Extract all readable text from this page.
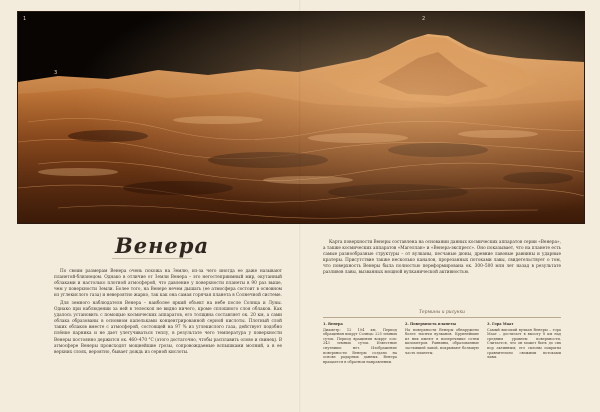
1	2
3
Венера

По своим размерам Венера очень похожа на Землю, из-за чего иногда ее даже называют планетой-близнецом. Однако в отличие от Земли Венера – это негостеприимный мир, окутанный облаками и настолько плотной атмосферой, что давление у поверхности планеты в 90 раз выше, чем у поверхности Земли. Более того, на Венере нечем дышать (ее атмосфера состоит в основном из углекислого газа) и невероятно жарко, так как она самая горячая планета в Солнечной системе.

Для земного наблюдателя Венера – наиболее яркий объект на небе после Солнца и Луны. Однако при наблюдении за ней в телескоп не видно ничего, кроме сплошного слоя облаков. Как удалось установить с помощью космических аппаратов, его толщина составляет ок. 20 км, а сами облака образованы в основном капельками концентрированной серной кислоты. Плотный слой таких облаков вместе с атмосферой, состоящей на 97 % из углекислого газа, действует подобно плёнке парника и не дает улетучиваться теплу, в результате чего температура у поверхности Венеры постоянно держится ок. 460–470 °C (этого достаточно, чтобы расплавить олово и свинец). В атмосфере Венеры происходят мощнейшие грозы, сопровождаемые вспышками молний, а в ее верхних слоях, вероятно, бывает дождь из серной кислоты.

Карта поверхности Венеры составлена на основании данных космических аппаратов серии «Венера», а также космических аппаратов «Магеллан» и «Венера-экспресс». Оно показывает, что на планете есть самые разнообразные структуры – от вулканы, песчаные дюны, древние лавовые равнины и ударные кратеры. Присутствие также несколько каналов, прорезанных потоками лавы, свидетельствует о том, что поверхность Венеры была полностью переформирована ок. 300–500 млн лет назад в результате разливов лавы, вызванных мощной вулканической активностью.

Термины и рисунки
1. Венера
Диаметр: 12 104 км. Период обращения вокруг Солнца: 225 земных суток. Период вращения вокруг оси: 243 земных суток. Известные спутники: нет. Изображение поверхности Венеры создано на основе радарных данных. Венера вращается в обратном направлении.
2. Поверхность планеты
На поверхности Венеры обнаружено более тысячи вулканов. Крупнейшие из них имеют в поперечнике сотни километров. Равнины, образованные застывшей лавой, покрывают большую часть планеты.
3. Гора Маат
Самый высокий вулкан Венеры – гора Маат – достигает в высоту 8 км над средним уровнем поверхности. Считается, что он может быть до сих пор активным; его склоны покрыты сравнительно свежими потоками лавы.
